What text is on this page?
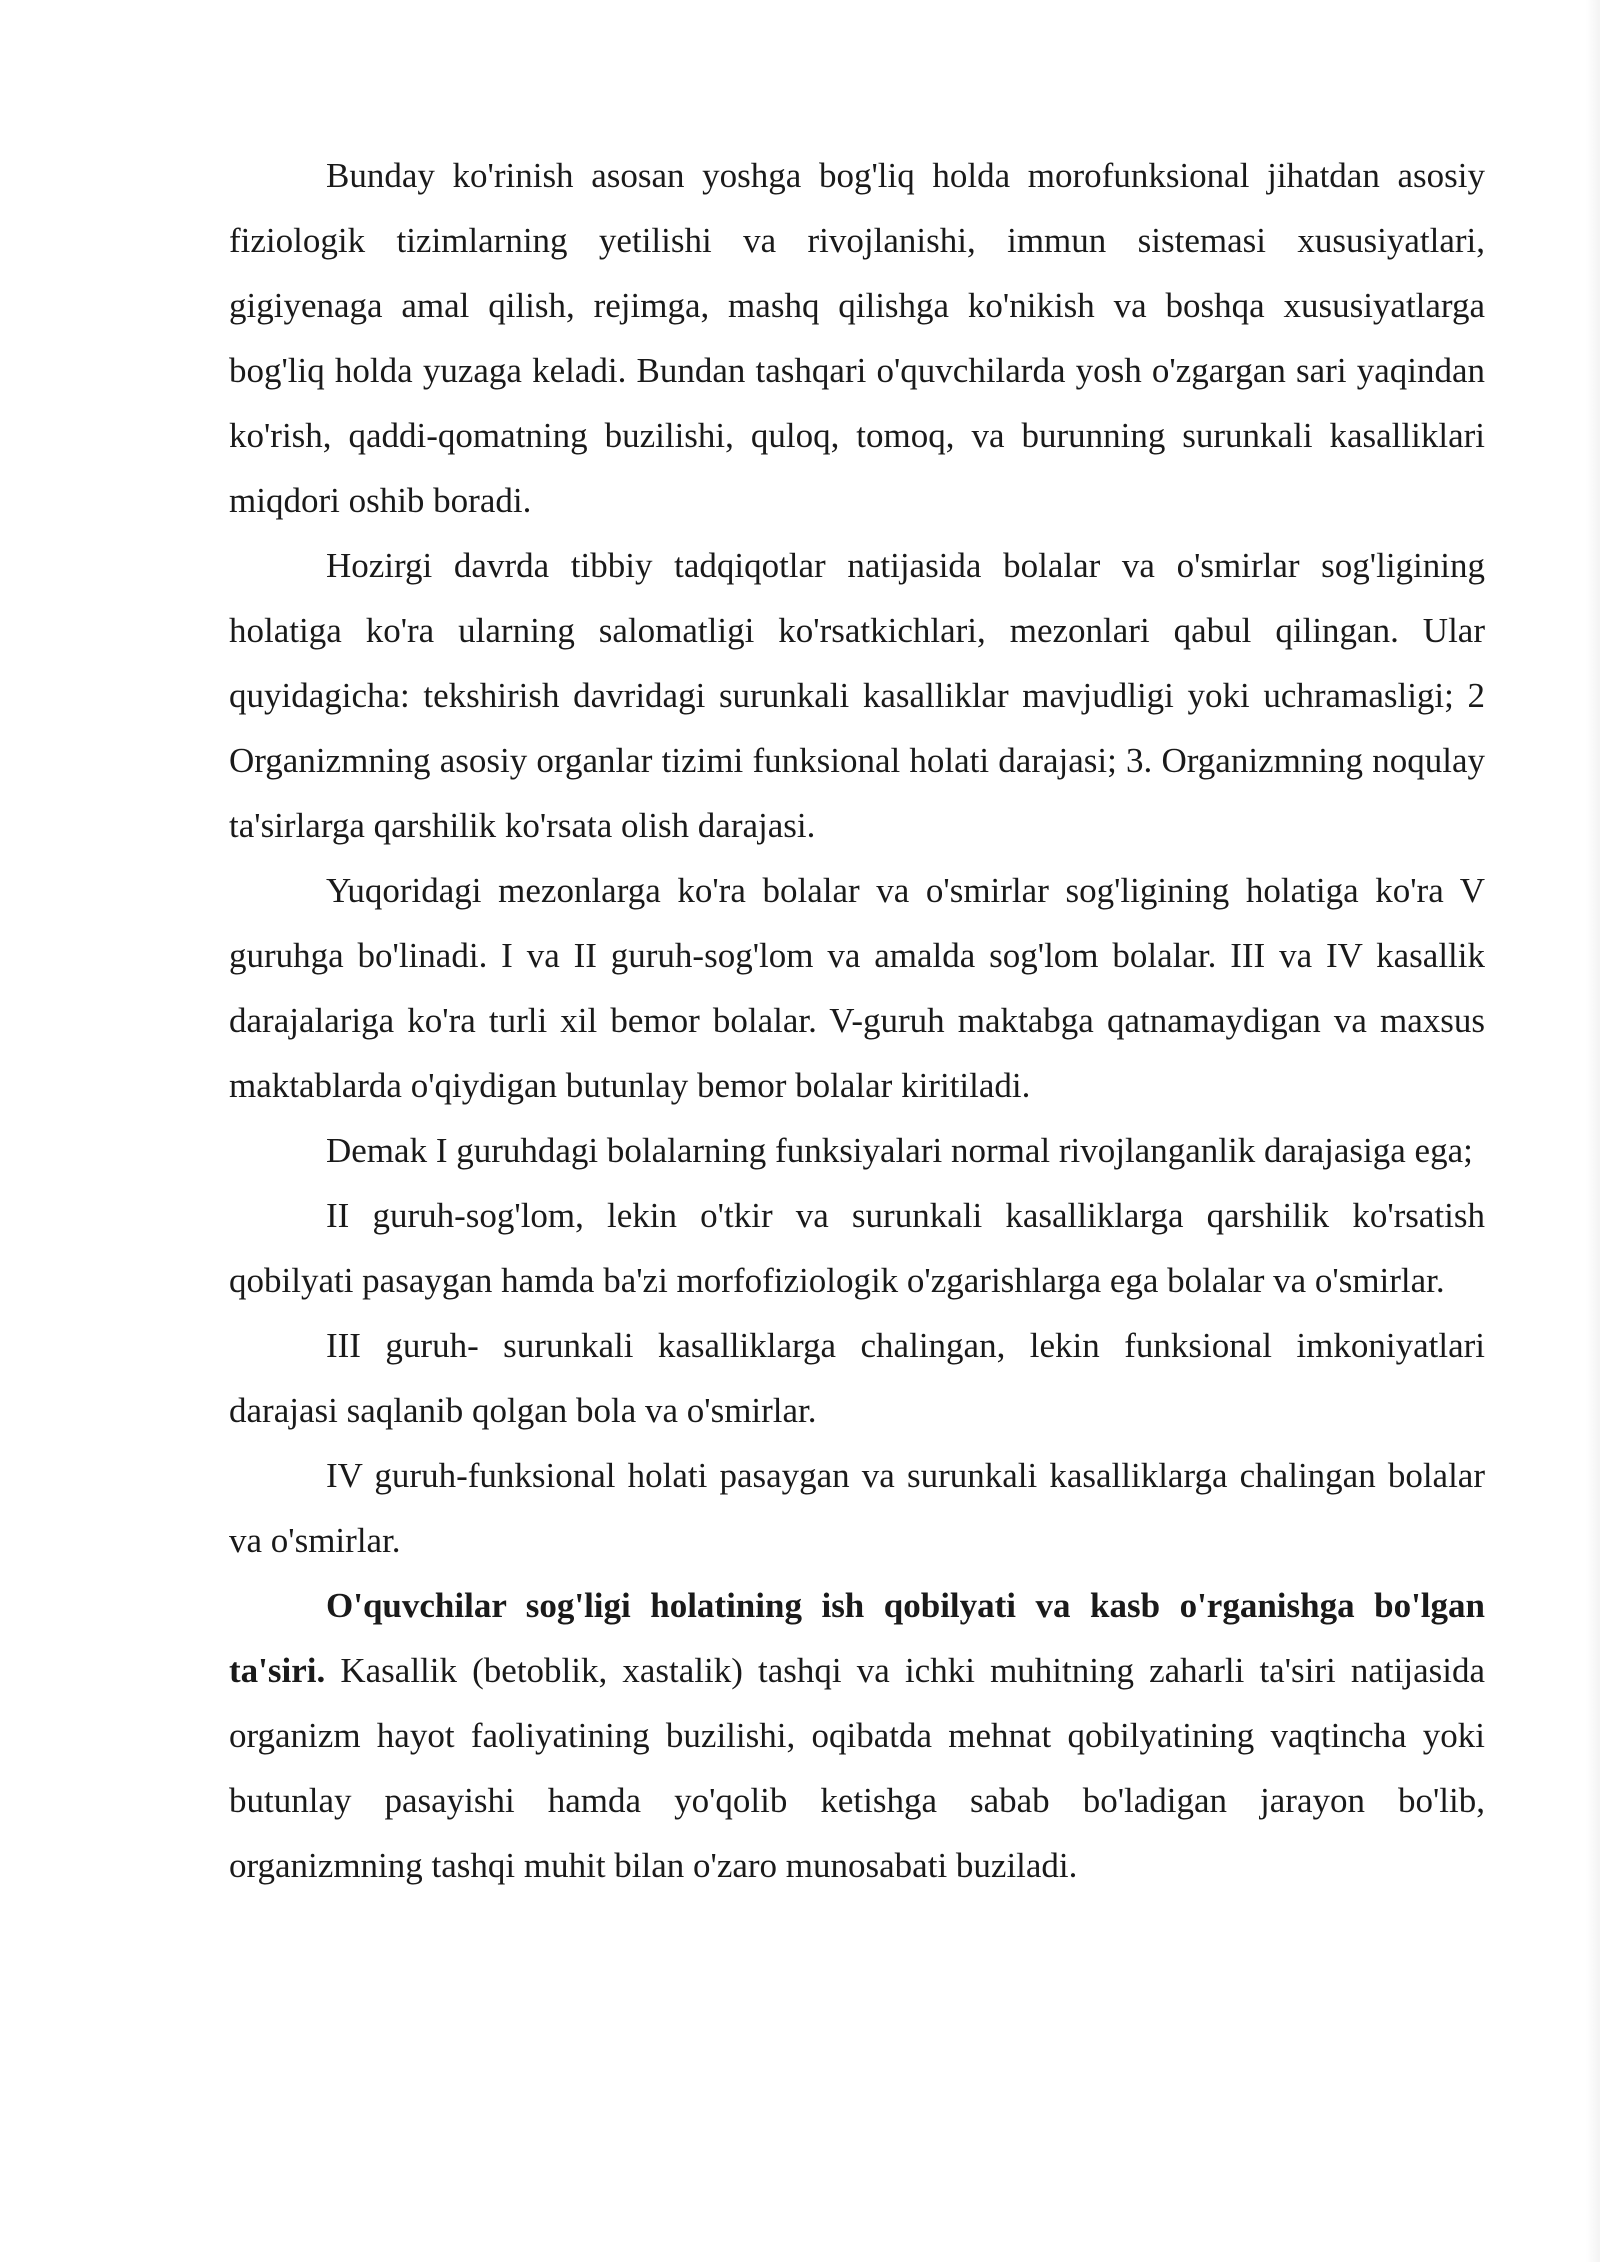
Bunday ko'rinish asosan yoshga bog'liq holda morofunksional jihatdan asosiy fiziologik tizimlarning yetilishi va rivojlanishi, immun sistemasi xususiyatlari, gigiyenaga amal qilish, rejimga, mashq qilishga ko'nikish va boshqa xususiyatlarga bog'liq holda yuzaga keladi. Bundan tashqari o'quvchilarda yosh o'zgargan sari yaqindan ko'rish, qaddi-qomatning buzilishi, quloq, tomoq, va burunning surunkali kasalliklari miqdori oshib boradi.

Hozirgi davrda tibbiy tadqiqotlar natijasida bolalar va o'smirlar sog'ligining holatiga ko'ra ularning salomatligi ko'rsatkichlari, mezonlari qabul qilingan. Ular quyidagicha: tekshirish davridagi surunkali kasalliklar mavjudligi yoki uchramasligi; 2 Organizmning asosiy organlar tizimi funksional holati darajasi; 3. Organizmning noqulay ta'sirlarga qarshilik ko'rsata olish darajasi.

Yuqoridagi mezonlarga ko'ra bolalar va o'smirlar sog'ligining holatiga ko'ra V guruhga bo'linadi. I va II guruh-sog'lom va amalda sog'lom bolalar. III va IV kasallik darajalariga ko'ra turli xil bemor bolalar. V-guruh maktabga qatnamaydigan va maxsus maktablarda o'qiydigan butunlay bemor bolalar kiritiladi.

Demak I guruhdagi bolalarning funksiyalari normal rivojlanganlik darajasiga ega;

II guruh-sog'lom, lekin o'tkir va surunkali kasalliklarga qarshilik ko'rsatish qobilyati pasaygan hamda ba'zi morfofiziologik o'zgarishlarga ega bolalar va o'smirlar.

III guruh- surunkali kasalliklarga chalingan, lekin funksional imkoniyatlari darajasi saqlanib qolgan bola va o'smirlar.

IV guruh-funksional holati pasaygan va surunkali kasalliklarga chalingan bolalar va o'smirlar.

O'quvchilar sog'ligi holatining ish qobilyati va kasb o'rganishga bo'lgan ta'siri. Kasallik (betoblik, xastalik) tashqi va ichki muhitning zaharli ta'siri natijasida organizm hayot faoliyatining buzilishi, oqibatda mehnat qobilyatining vaqtincha yoki butunlay pasayishi hamda yo'qolib ketishga sabab bo'ladigan jarayon bo'lib, organizmning tashqi muhit bilan o'zaro munosabati buziladi.
